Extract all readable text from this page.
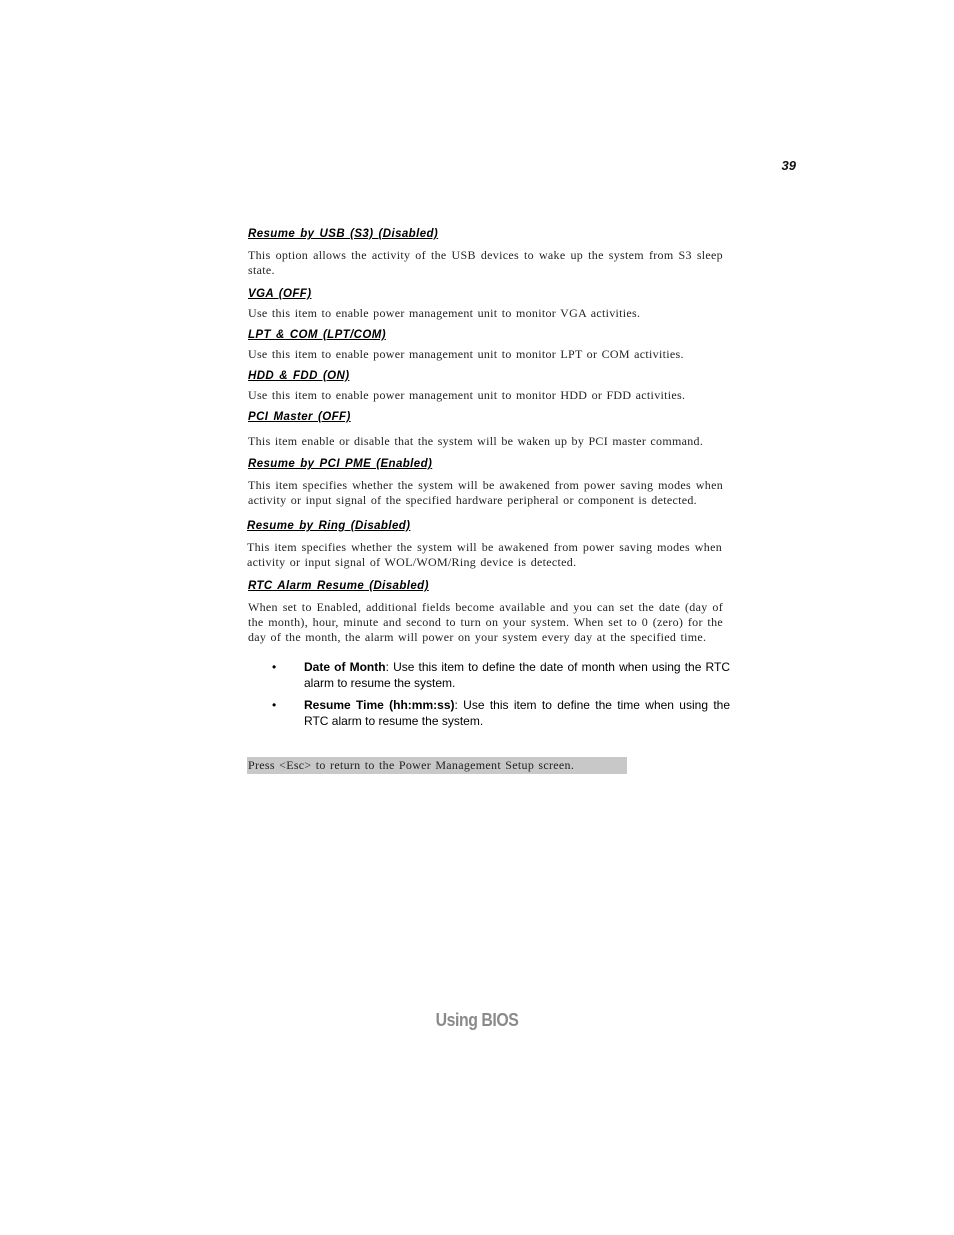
39
Resume by USB (S3) (Disabled)
This option allows the activity of the USB devices to wake up the system from S3 sleep state.
VGA (OFF)
Use this item to enable power management unit to monitor VGA activities.
LPT & COM (LPT/COM)
Use this item to enable power management unit to monitor LPT or COM activities.
HDD & FDD (ON)
Use this item to enable power management unit to monitor HDD or FDD activities.
PCI Master (OFF)
This item enable or disable that the system will be waken up by PCI master command.
Resume by PCI PME (Enabled)
This item specifies whether the system will be awakened from power saving modes when activity or input signal of the specified hardware peripheral or component is detected.
Resume by Ring (Disabled)
This item specifies whether the system will be awakened from power saving modes when activity or input signal of WOL/WOM/Ring device is detected.
RTC Alarm Resume (Disabled)
When set to Enabled, additional fields become available and you can set the date (day of the month), hour, minute and second to turn on your system. When set to 0 (zero) for the day of the month, the alarm will power on your system every day at the specified time.
• Date of Month: Use this item to define the date of month when using the RTC alarm to resume the system.
• Resume Time (hh:mm:ss): Use this item to define the time when using the RTC alarm to resume the system.
Press <Esc> to return to the Power Management Setup screen.
Using BIOS
